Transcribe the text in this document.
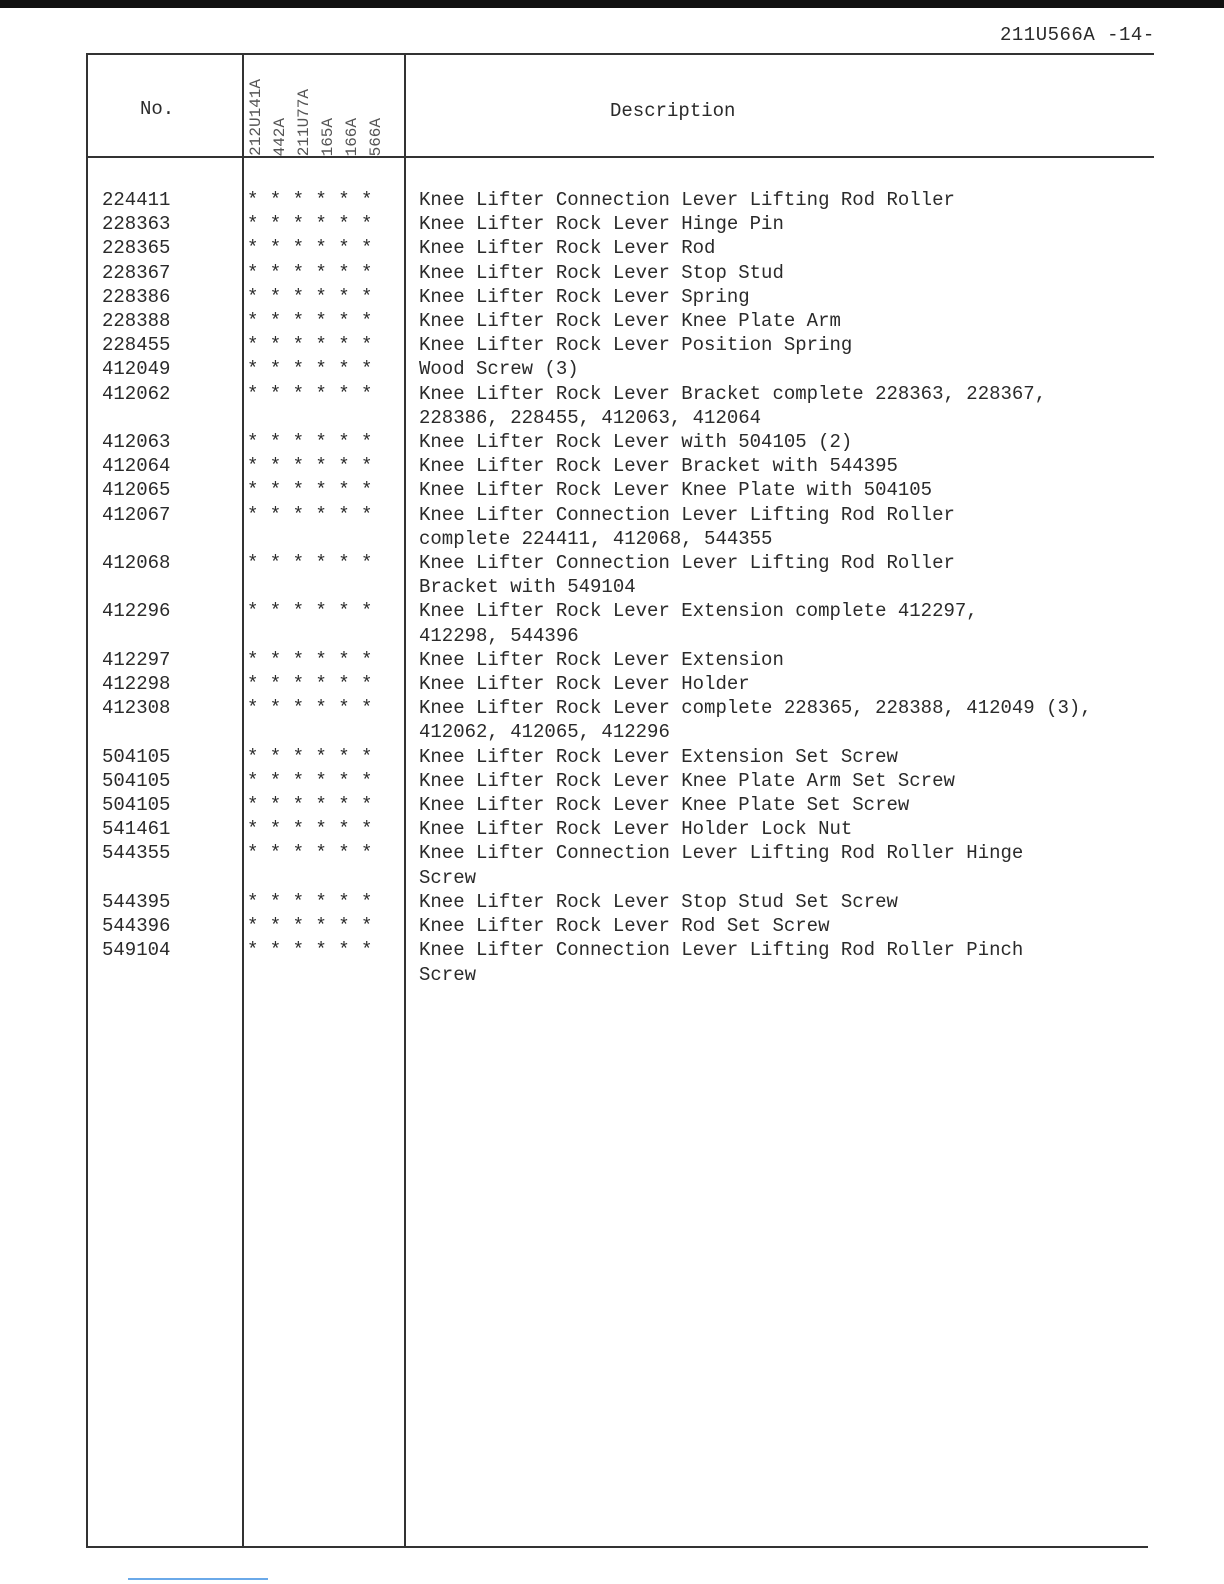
211U566A -14-
No.	212U141A 442A 211U77A 165A 166A 566A
Description
224411	* * * * * * Knee Lifter Connection Lever Lifting Rod Roller
228363	* * * * * * Knee Lifter Rock Lever Hinge Pin
228365	* * * * * * Knee Lifter Rock Lever Rod
228367	* * * * * * Knee Lifter Rock Lever Stop Stud
228386	* * * * * * Knee Lifter Rock Lever Spring
228388	* * * * * * Knee Lifter Rock Lever Knee Plate Arm
228455	* * * * * * Knee Lifter Rock Lever Position Spring
412049	* * * * * * Wood Screw (3)
412062	* * * * * * Knee Lifter Rock Lever Bracket complete 228363, 228367,
228386, 228455, 412063, 412064
412063	* * * * * * Knee Lifter Rock Lever with 504105 (2)
412064	* * * * * * Knee Lifter Rock Lever Bracket with 544395
412065	* * * * * * Knee Lifter Rock Lever Knee Plate with 504105
412067	* * * * * * Knee Lifter Connection Lever Lifting Rod Roller
complete 224411, 412068, 544355
412068	* * * * * * Knee Lifter Connection Lever Lifting Rod Roller
Bracket with 549104
412296	* * * * * * Knee Lifter Rock Lever Extension complete 412297,
412298, 544396
412297	* * * * * * Knee Lifter Rock Lever Extension
412298	* * * * * * Knee Lifter Rock Lever Holder
412308	* * * * * * Knee Lifter Rock Lever complete 228365, 228388, 412049 (3),
412062, 412065, 412296
504105	* * * * * * Knee Lifter Rock Lever Extension Set Screw
504105	* * * * * * Knee Lifter Rock Lever Knee Plate Arm Set Screw
504105	* * * * * * Knee Lifter Rock Lever Knee Plate Set Screw
541461	* * * * * * Knee Lifter Rock Lever Holder Lock Nut
544355	* * * * * * Knee Lifter Connection Lever Lifting Rod Roller Hinge
Screw
544395	* * * * * * Knee Lifter Rock Lever Stop Stud Set Screw
544396	* * * * * * Knee Lifter Rock Lever Rod Set Screw
549104	* * * * * * Knee Lifter Connection Lever Lifting Rod Roller Pinch
Screw
